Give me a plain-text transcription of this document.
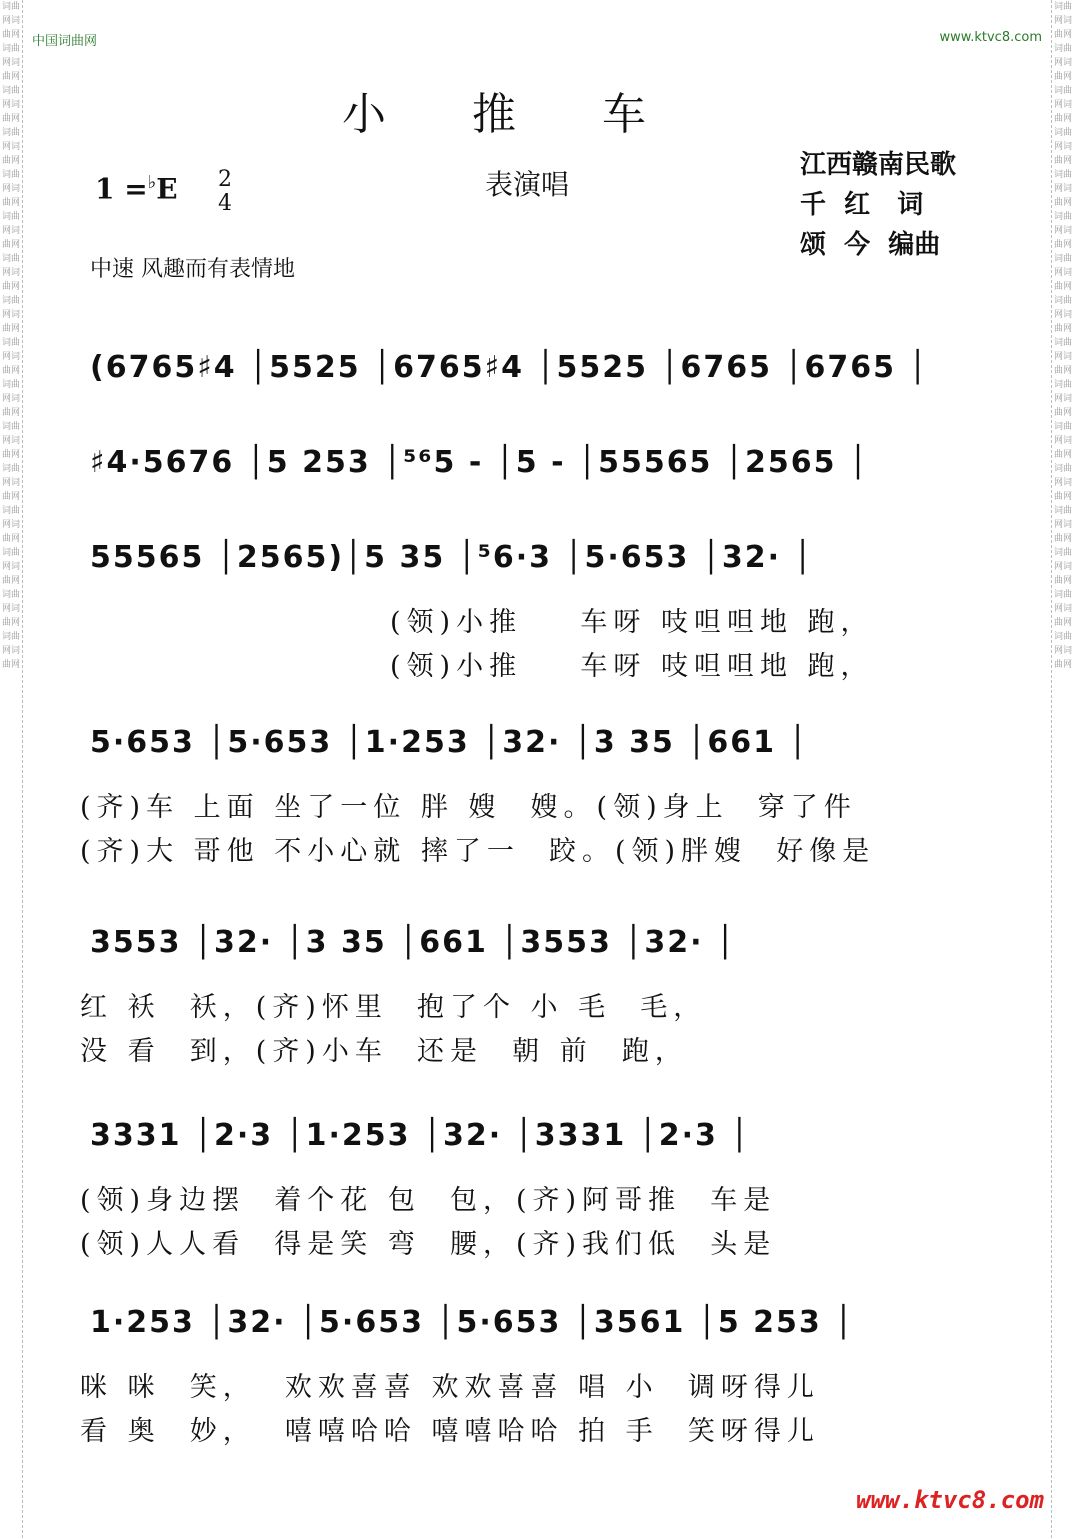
词曲网词曲网词曲网词曲网词曲网词曲网词曲网词曲网词曲网词曲网词曲网词曲网词曲网词曲网词曲网词曲网词曲网词曲网词曲网词曲网词曲网词曲网词曲网词曲网词曲网词曲网词曲网词曲网词曲网词曲网词曲网词曲网
词曲网词曲网词曲网词曲网词曲网词曲网词曲网词曲网词曲网词曲网词曲网词曲网词曲网词曲网词曲网词曲网词曲网词曲网词曲网词曲网词曲网词曲网词曲网词曲网词曲网词曲网词曲网词曲网词曲网词曲网词曲网词曲网
中国词曲网	www.ktvc8.com
小推车
表演唱
1 =♭E	2
4
江西赣南民歌
千  红   词
颂  今  编曲
中速 风趣而有表情地
(6765♯4 │5525 │6765♯4 │5525 │6765 │6765 │
♯4·5676 │5 253 │⁵⁶5 - │5 - │55565 │2565 │
55565 │2565)│5 35 │⁵6·3 │5·653 │32· │
(领)小推    车呀 吱呾呾地 跑，
(领)小推    车呀 吱呾呾地 跑，
5·653 │5·653 │1·253 │32· │3 35 │661 │
(齐)车 上面 坐了一位 胖 嫂  嫂。(领)身上  穿了件
(齐)大 哥他 不小心就 摔了一  跤。(领)胖嫂  好像是
3553 │32· │3 35 │661 │3553 │32· │
红 袄  袄，(齐)怀里  抱了个 小 毛  毛，
没 看  到，(齐)小车  还是  朝 前  跑，
3331 │2·3 │1·253 │32· │3331 │2·3 │
(领)身边摆  着个花 包  包，(齐)阿哥推  车是
(领)人人看  得是笑 弯  腰，(齐)我们低  头是
1·253 │32· │5·653 │5·653 │3561 │5 253 │
咪 咪  笑，  欢欢喜喜 欢欢喜喜 唱 小  调呀得儿
看 奥  妙，  嘻嘻哈哈 嘻嘻哈哈 拍 手  笑呀得儿
www.ktvc8.com
